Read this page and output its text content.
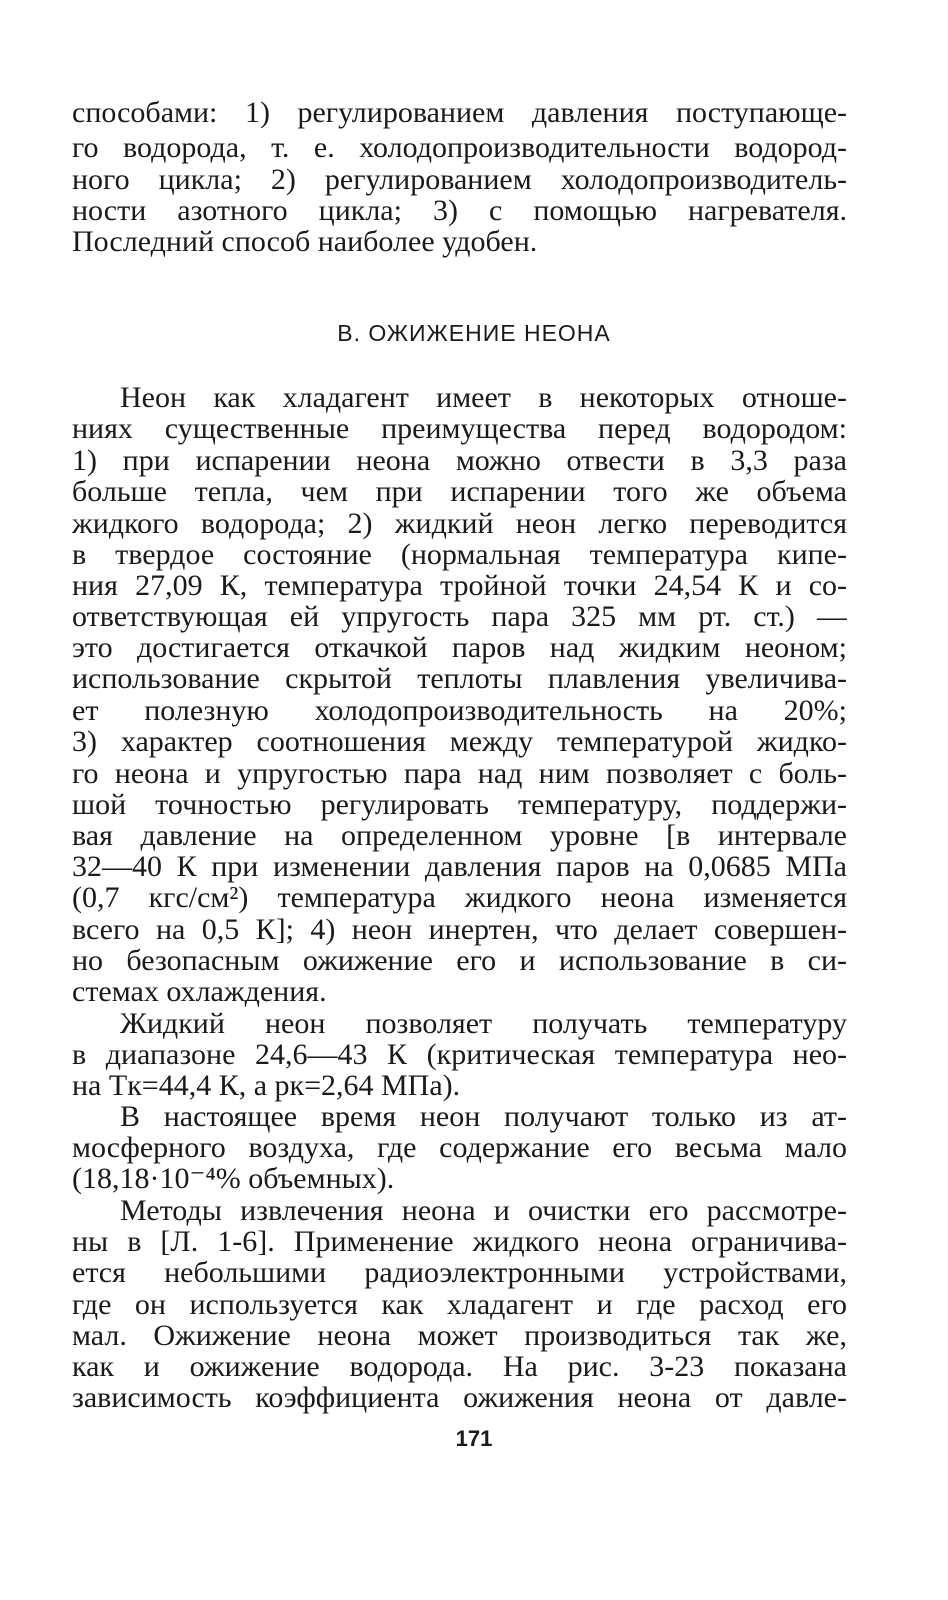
способами: 1) регулированием давления поступающе-
го водорода, т. е. холодопроизводительности водород-
ного цикла; 2) регулированием холодопроизводитель-
ности азотного цикла; 3) с помощью нагревателя.
Последний способ наиболее удобен.
В. ОЖИЖЕНИЕ НЕОНА
Неон как хладагент имеет в некоторых отноше-
ниях существенные преимущества перед водородом:
1) при испарении неона можно отвести в 3,3 раза
больше тепла, чем при испарении того же объема
жидкого водорода; 2) жидкий неон легко переводится
в твердое состояние (нормальная температура кипе-
ния 27,09 К, температура тройной точки 24,54 К и со-
ответствующая ей упругость пара 325 мм рт. ст.) —
это достигается откачкой паров над жидким неоном;
использование скрытой теплоты плавления увеличива-
ет полезную холодопроизводительность на 20%;
3) характер соотношения между температурой жидко-
го неона и упругостью пара над ним позволяет с боль-
шой точностью регулировать температуру, поддержи-
вая давление на определенном уровне [в интервале
32—40 К при изменении давления паров на 0,0685 МПа
(0,7 кгс/см²) температура жидкого неона изменяется
всего на 0,5 К]; 4) неон инертен, что делает совершен-
но безопасным ожижение его и использование в си-
стемах охлаждения.
Жидкий неон позволяет получать температуру
в диапазоне 24,6—43 К (критическая температура нео-
на Tк=44,4 К, а pк=2,64 МПа).
В настоящее время неон получают только из ат-
мосферного воздуха, где содержание его весьма мало
(18,18·10⁻⁴% объемных).
Методы извлечения неона и очистки его рассмотре-
ны в [Л. 1-6]. Применение жидкого неона ограничива-
ется небольшими радиоэлектронными устройствами,
где он используется как хладагент и где расход его
мал. Ожижение неона может производиться так же,
как и ожижение водорода. На рис. 3-23 показана
зависимость коэффициента ожижения неона от давле-
171
